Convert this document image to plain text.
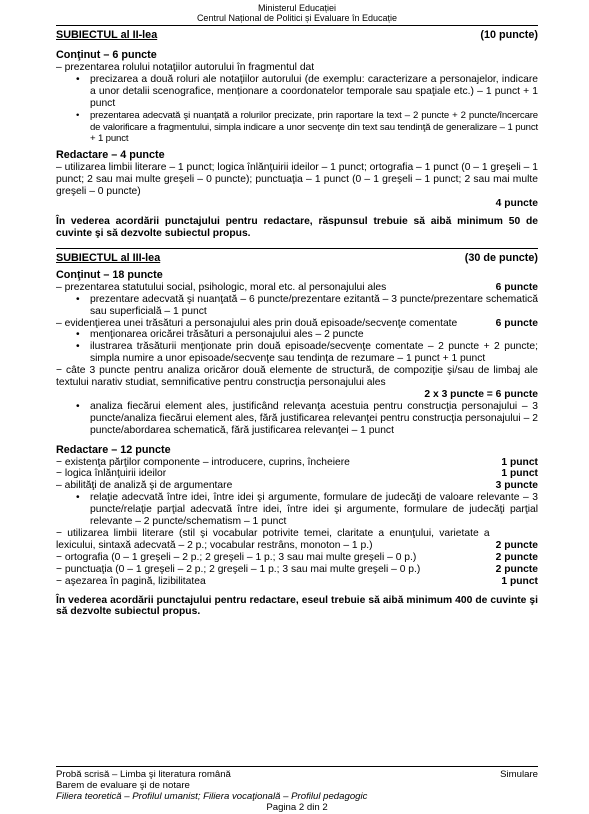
Ministerul Educației
Centrul Național de Politici și Evaluare în Educație
SUBIECTUL al II-lea	(10 puncte)
Conţinut – 6 puncte
– prezentarea rolului notaţiilor autorului în fragmentul dat
• precizarea a două roluri ale notaţiilor autorului (de exemplu: caracterizare a personajelor, indicare a unor detalii scenografice, menționare a coordonatelor temporale sau spaţiale etc.) – 1 punct + 1 punct
• prezentarea adecvată şi nuanţată a rolurilor precizate, prin raportare la text – 2 puncte + 2 puncte/încercare de valorificare a fragmentului, simpla indicare a unor secvenţe din text sau tendinţă de generalizare – 1 punct + 1 punct
Redactare – 4 puncte
– utilizarea limbii literare – 1 punct; logica înlănţuirii ideilor – 1 punct; ortografia – 1 punct (0 – 1 greşeli – 1 punct; 2 sau mai multe greşeli – 0 puncte); punctuaţia – 1 punct (0 – 1 greşeli – 1 punct; 2 sau mai multe greşeli – 0 puncte)
4 puncte
În vederea acordării punctajului pentru redactare, răspunsul trebuie să aibă minimum 50 de cuvinte şi să dezvolte subiectul propus.
SUBIECTUL al III-lea	(30 de puncte)
Conţinut – 18 puncte
– prezentarea statutului social, psihologic, moral etc. al personajului ales	6 puncte
• prezentare adecvată şi nuanţată – 6 puncte/prezentare ezitantă – 3 puncte/prezentare schematică sau superficială – 1 punct
– evidenţierea unei trăsături a personajului ales prin două episoade/secvenţe comentate	6 puncte
• menţionarea oricărei trăsături a personajului ales – 2 puncte
• ilustrarea trăsăturii menţionate prin două episoade/secvenţe comentate – 2 puncte + 2 puncte; simpla numire a unor episoade/secvenţe sau tendinţa de rezumare – 1 punct + 1 punct
− câte 3 puncte pentru analiza oricăror două elemente de structură, de compoziţie şi/sau de limbaj ale textului narativ studiat, semnificative pentru construcţia personajului ales
2 x 3 puncte = 6 puncte
• analiza fiecărui element ales, justificând relevanţa acestuia pentru construcţia personajului – 3 puncte/analiza fiecărui element ales, fără justificarea relevanţei pentru construcţia personajului – 2 puncte/abordarea schematică, fără justificarea relevanţei – 1 punct
Redactare – 12 puncte
− existenţa părţilor componente – introducere, cuprins, încheiere	1 punct
− logica înlănţuirii ideilor	1 punct
– abilităţi de analiză şi de argumentare	3 puncte
• relaţie adecvată între idei, între idei şi argumente, formulare de judecăţi de valoare relevante – 3 puncte/relaţie parţial adecvată între idei, între idei şi argumente, formulare de judecăţi parţial relevante – 2 puncte/schematism – 1 punct
− utilizarea limbii literare (stil şi vocabular potrivite temei, claritate a enunţului, varietate a lexicului, sintaxă adecvată – 2 p.; vocabular restrâns, monoton – 1 p.)	2 puncte
− ortografia (0 – 1 greşeli – 2 p.; 2 greşeli – 1 p.; 3 sau mai multe greşeli – 0 p.)	2 puncte
− punctuaţia (0 – 1 greşeli – 2 p.; 2 greşeli – 1 p.; 3 sau mai multe greşeli – 0 p.)	2 puncte
− aşezarea în pagină, lizibilitatea	1 punct
În vederea acordării punctajului pentru redactare, eseul trebuie să aibă minimum 400 de cuvinte şi să dezvolte subiectul propus.
Probă scrisă – Limba şi literatura română	Simulare
Barem de evaluare şi de notare
Filiera teoretică – Profilul umanist; Filiera vocaţională – Profilul pedagogic
Pagina 2 din 2
